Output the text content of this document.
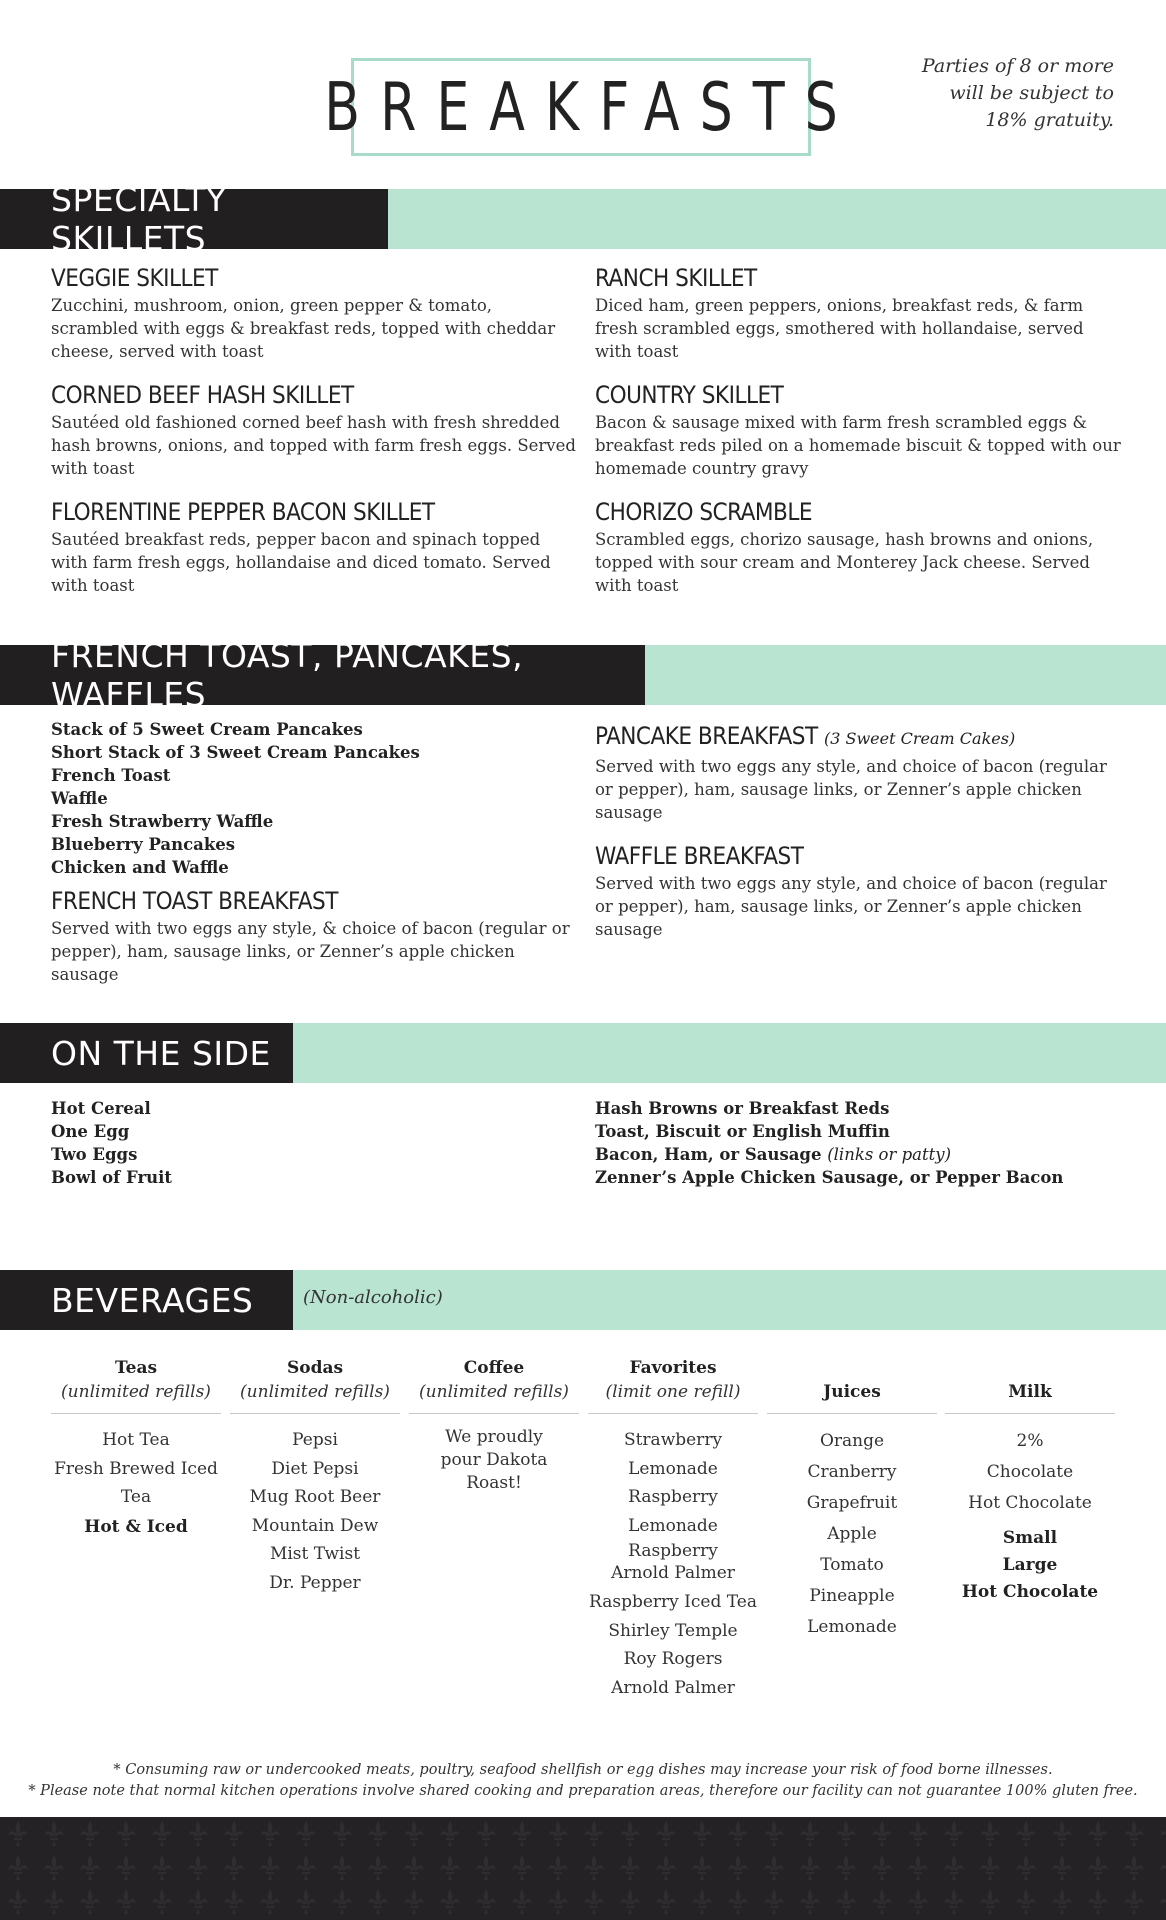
BREAKFASTS
Parties of 8 or more
will be subject to
18% gratuity.
SPECIALTY SKILLETS
VEGGIE SKILLET
Zucchini, mushroom, onion, green pepper & tomato, scrambled with eggs & breakfast reds, topped with cheddar cheese, served with toast
CORNED BEEF HASH SKILLET
Sautéed old fashioned corned beef hash with fresh shredded hash browns, onions, and topped with farm fresh eggs. Served with toast
FLORENTINE PEPPER BACON SKILLET
Sautéed breakfast reds, pepper bacon and spinach topped with farm fresh eggs, hollandaise and diced tomato. Served with toast
RANCH SKILLET
Diced ham, green peppers, onions, breakfast reds, & farm fresh scrambled eggs, smothered with hollandaise, served with toast
COUNTRY SKILLET
Bacon & sausage mixed with farm fresh scrambled eggs & breakfast reds piled on a homemade biscuit & topped with our homemade country gravy
CHORIZO SCRAMBLE
Scrambled eggs, chorizo sausage, hash browns and onions, topped with sour cream and Monterey Jack cheese. Served with toast
FRENCH TOAST, PANCAKES, WAFFLES
Stack of 5 Sweet Cream Pancakes
Short Stack of 3 Sweet Cream Pancakes
French Toast
Waffle
Fresh Strawberry Waffle
Blueberry Pancakes
Chicken and Waffle
FRENCH TOAST BREAKFAST
Served with two eggs any style, & choice of bacon (regular or pepper), ham, sausage links, or Zenner’s apple chicken sausage
PANCAKE BREAKFAST (3 Sweet Cream Cakes)
Served with two eggs any style, and choice of bacon (regular or pepper), ham, sausage links, or Zenner’s apple chicken sausage
WAFFLE BREAKFAST
Served with two eggs any style, and choice of bacon (regular or pepper), ham, sausage links, or Zenner’s apple chicken sausage
ON THE SIDE
Hot Cereal
One Egg
Two Eggs
Bowl of Fruit
Hash Browns or Breakfast Reds
Toast, Biscuit or English Muffin
Bacon, Ham, or Sausage (links or patty)
Zenner’s Apple Chicken Sausage, or Pepper Bacon
BEVERAGES	(Non-alcoholic)
Teas
(unlimited refills)
Hot Tea
Fresh Brewed Iced Tea
Hot & Iced
Sodas
(unlimited refills)
Pepsi
Diet Pepsi
Mug Root Beer
Mountain Dew
Mist Twist
Dr. Pepper
Coffee
(unlimited refills)
We proudly pour Dakota Roast!
Favorites
(limit one refill)
Strawberry Lemonade
Raspberry Lemonade
Raspberry Arnold Palmer
Raspberry Iced Tea
Shirley Temple
Roy Rogers
Arnold Palmer
Juices
Orange
Cranberry
Grapefruit
Apple
Tomato
Pineapple
Lemonade
Milk
2%
Chocolate
Hot Chocolate
Small
Large
Hot Chocolate
* Consuming raw or undercooked meats, poultry, seafood shellfish or egg dishes may increase your risk of food borne illnesses.
* Please note that normal kitchen operations involve shared cooking and preparation areas, therefore our facility can not guarantee 100% gluten free.
